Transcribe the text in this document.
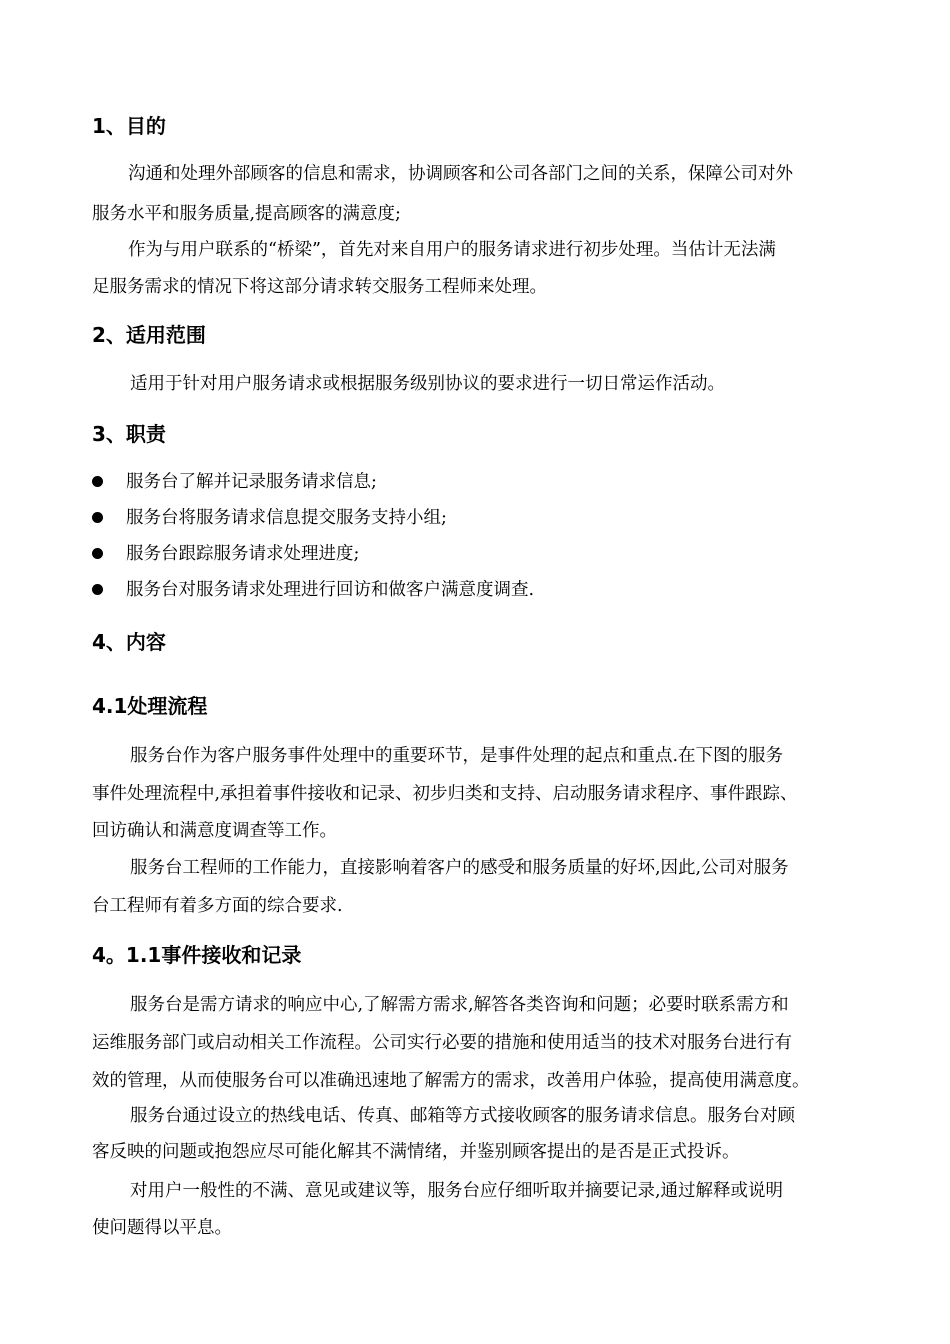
1、目的
沟通和处理外部顾客的信息和需求，协调顾客和公司各部门之间的关系，保障公司对外
服务水平和服务质量,提高顾客的满意度;
作为与用户联系的“桥梁”，首先对来自用户的服务请求进行初步处理。当估计无法满
足服务需求的情况下将这部分请求转交服务工程师来处理。
2、适用范围
适用于针对用户服务请求或根据服务级别协议的要求进行一切日常运作活动。
3、职责
服务台了解并记录服务请求信息;
服务台将服务请求信息提交服务支持小组;
服务台跟踪服务请求处理进度;
服务台对服务请求处理进行回访和做客户满意度调查.
4、内容
4.1处理流程
服务台作为客户服务事件处理中的重要环节，是事件处理的起点和重点.在下图的服务
事件处理流程中,承担着事件接收和记录、初步归类和支持、启动服务请求程序、事件跟踪、
回访确认和满意度调查等工作。
服务台工程师的工作能力，直接影响着客户的感受和服务质量的好坏,因此,公司对服务
台工程师有着多方面的综合要求.
4。1.1事件接收和记录
服务台是需方请求的响应中心,了解需方需求,解答各类咨询和问题；必要时联系需方和
运维服务部门或启动相关工作流程。公司实行必要的措施和使用适当的技术对服务台进行有
效的管理，从而使服务台可以准确迅速地了解需方的需求，改善用户体验，提高使用满意度。
服务台通过设立的热线电话、传真、邮箱等方式接收顾客的服务请求信息。服务台对顾
客反映的问题或抱怨应尽可能化解其不满情绪，并鉴别顾客提出的是否是正式投诉。
对用户一般性的不满、意见或建议等，服务台应仔细听取并摘要记录,通过解释或说明
使问题得以平息。
